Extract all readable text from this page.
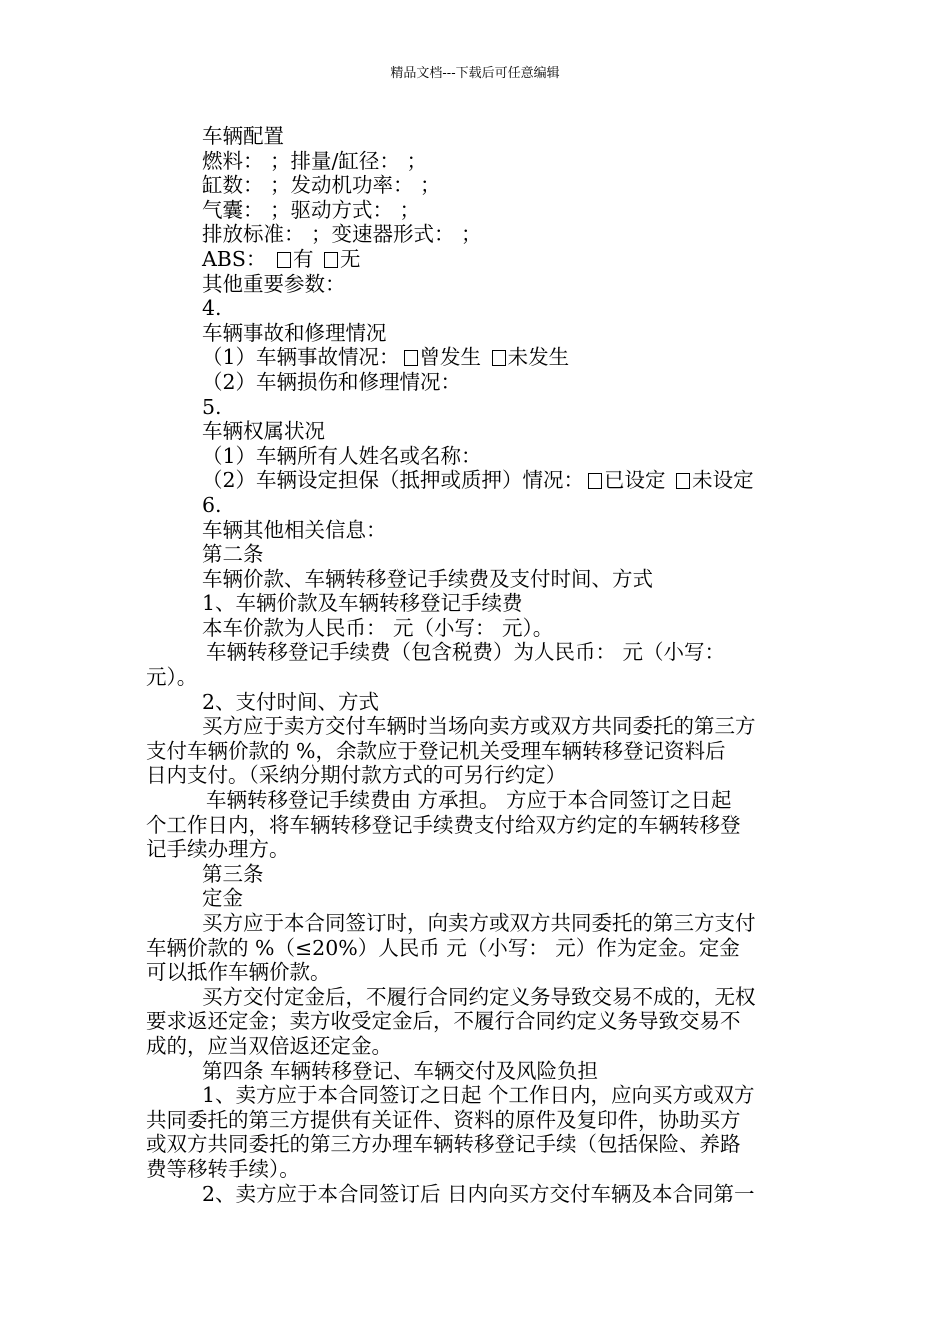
精品文档---下载后可任意编辑
车辆配置
燃料： ；排量/缸径： ；
缸数： ；发动机功率： ；
气囊： ；驱动方式： ；
排放标准： ；变速器形式： ；
ABS： 有 无
其他重要参数：
4.
车辆事故和修理情况
（1）车辆事故情况： 曾发生 未发生
（2）车辆损伤和修理情况：
5.
车辆权属状况
（1）车辆所有人姓名或名称：
（2）车辆设定担保（抵押或质押）情况： 已设定 未设定
6.
车辆其他相关信息：
第二条
车辆价款、车辆转移登记手续费及支付时间、方式
1、车辆价款及车辆转移登记手续费
本车价款为人民币： 元（小写： 元）。
车辆转移登记手续费（包含税费）为人民币： 元（小写：
元）。
2、支付时间、方式
买方应于卖方交付车辆时当场向卖方或双方共同委托的第三方
支付车辆价款的 %，余款应于登记机关受理车辆转移登记资料后
日内支付。（采纳分期付款方式的可另行约定）
车辆转移登记手续费由 方承担。 方应于本合同签订之日起
个工作日内，将车辆转移登记手续费支付给双方约定的车辆转移登
记手续办理方。
第三条
定金
买方应于本合同签订时，向卖方或双方共同委托的第三方支付
车辆价款的 %（≤20%）人民币 元（小写： 元）作为定金。定金
可以抵作车辆价款。
买方交付定金后，不履行合同约定义务导致交易不成的，无权
要求返还定金；卖方收受定金后，不履行合同约定义务导致交易不
成的，应当双倍返还定金。
第四条 车辆转移登记、车辆交付及风险负担
1、卖方应于本合同签订之日起 个工作日内，应向买方或双方
共同委托的第三方提供有关证件、资料的原件及复印件，协助买方
或双方共同委托的第三方办理车辆转移登记手续（包括保险、养路
费等移转手续）。
2、卖方应于本合同签订后 日内向买方交付车辆及本合同第一
